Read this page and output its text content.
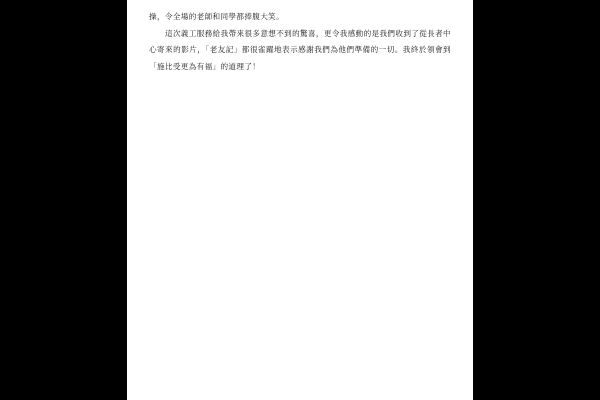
操，令全場的老師和同學都捧腹大笑。

這次義工服務給我帶來很多意想不到的驚喜，更令我感動的是我們收到了從長者中心寄來的影片，「老友記」都很雀躍地表示感謝我們為他們準備的一切。我終於領會到「施比受更為有福」的道理了！
